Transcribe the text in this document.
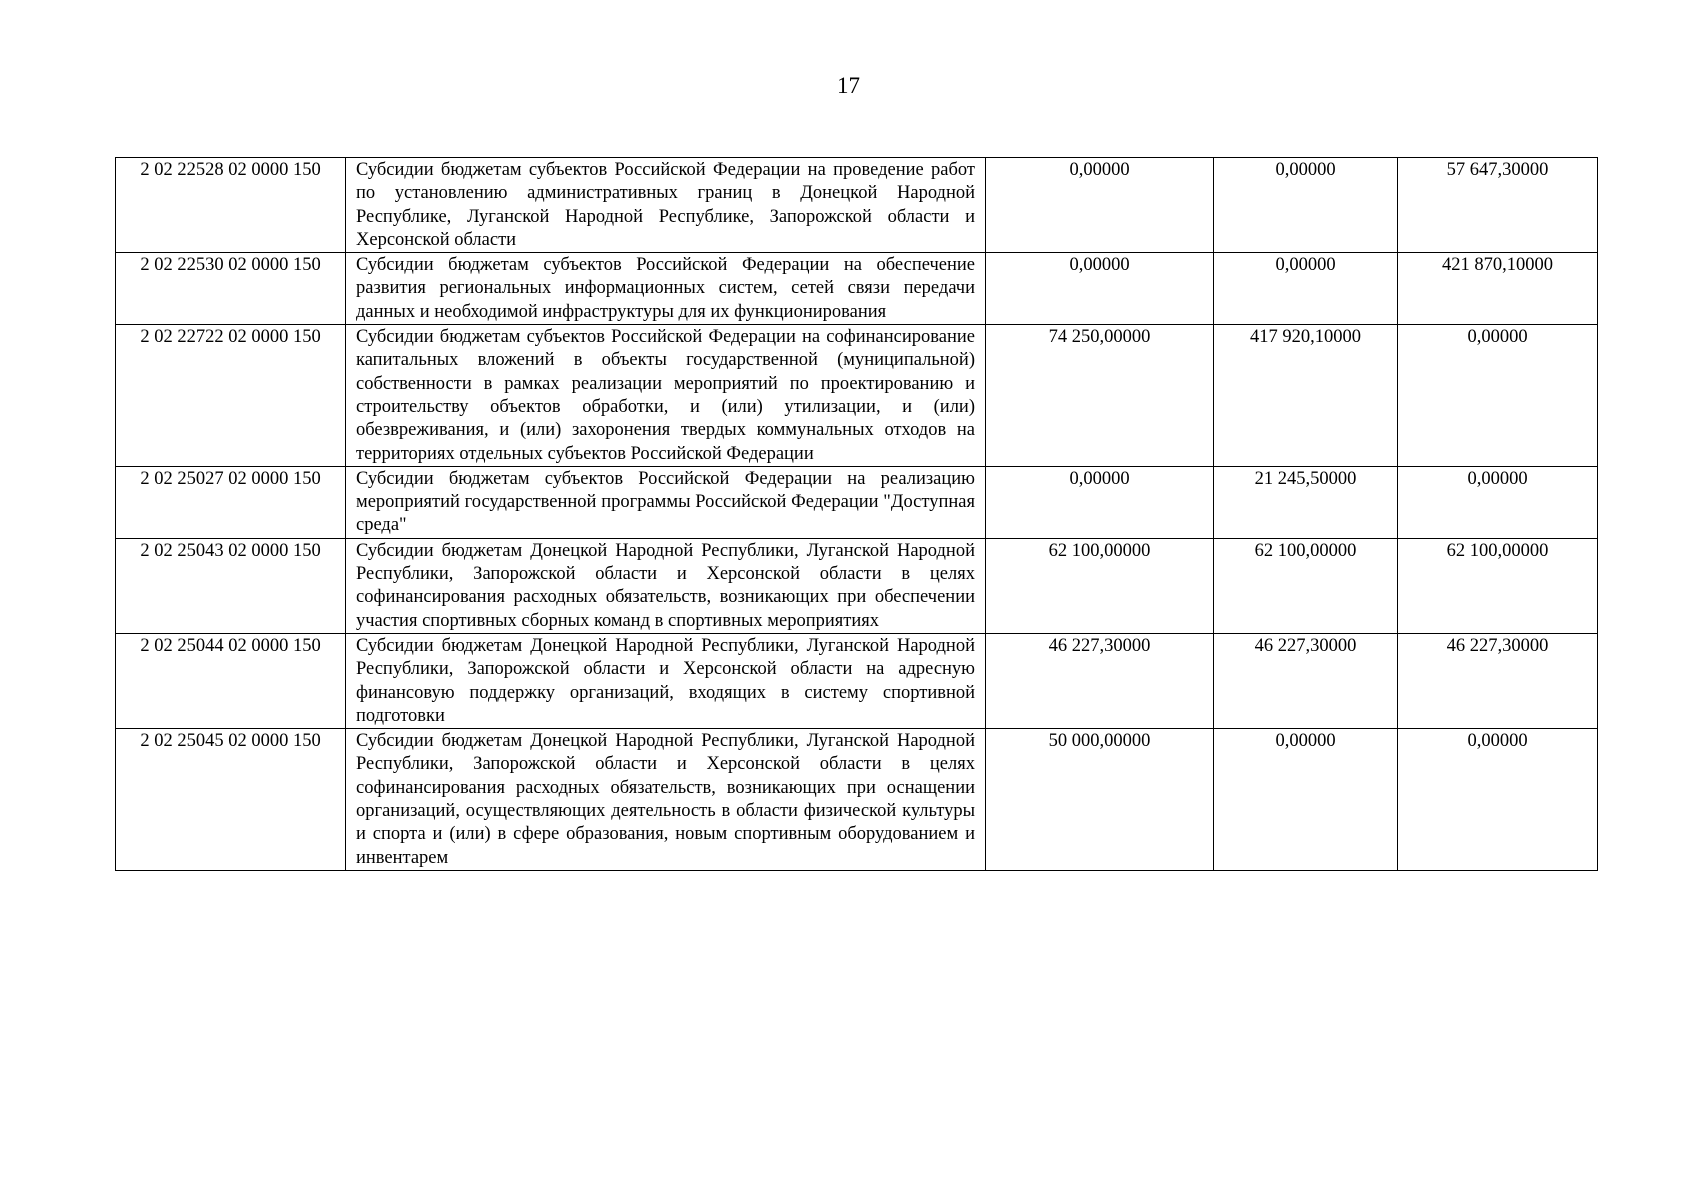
17
2 02 22528 02 0000 150	Субсидии бюджетам субъектов Российской Федерации на проведение работ по установлению административных границ в Донецкой Народной Республике, Луганской Народной Республике, Запорожской области и Херсонской области	0,00000	0,00000	57 647,30000
2 02 22530 02 0000 150	Субсидии бюджетам субъектов Российской Федерации на обеспечение развития региональных информационных систем, сетей связи передачи данных и необходимой инфраструктуры для их функционирования	0,00000	0,00000	421 870,10000
2 02 22722 02 0000 150	Субсидии бюджетам субъектов Российской Федерации на софинансирование капитальных вложений в объекты государственной (муниципальной) собственности в рамках реализации мероприятий по проектированию и строительству объектов обработки, и (или) утилизации, и (или) обезвреживания, и (или) захоронения твердых коммунальных отходов на территориях отдельных субъектов Российской Федерации	74 250,00000	417 920,10000	0,00000
2 02 25027 02 0000 150	Субсидии бюджетам субъектов Российской Федерации на реализацию мероприятий государственной программы Российской Федерации "Доступная среда"	0,00000	21 245,50000	0,00000
2 02 25043 02 0000 150	Субсидии бюджетам Донецкой Народной Республики, Луганской Народной Республики, Запорожской области и Херсонской области в целях софинансирования расходных обязательств, возникающих при обеспечении участия спортивных сборных команд в спортивных мероприятиях	62 100,00000	62 100,00000	62 100,00000
2 02 25044 02 0000 150	Субсидии бюджетам Донецкой Народной Республики, Луганской Народной Республики, Запорожской области и Херсонской области на адресную финансовую поддержку организаций, входящих в систему спортивной подготовки	46 227,30000	46 227,30000	46 227,30000
2 02 25045 02 0000 150	Субсидии бюджетам Донецкой Народной Республики, Луганской Народной Республики, Запорожской области и Херсонской области в целях софинансирования расходных обязательств, возникающих при оснащении организаций, осуществляющих деятельность в области физической культуры и спорта и (или) в сфере образования, новым спортивным оборудованием и инвентарем	50 000,00000	0,00000	0,00000
